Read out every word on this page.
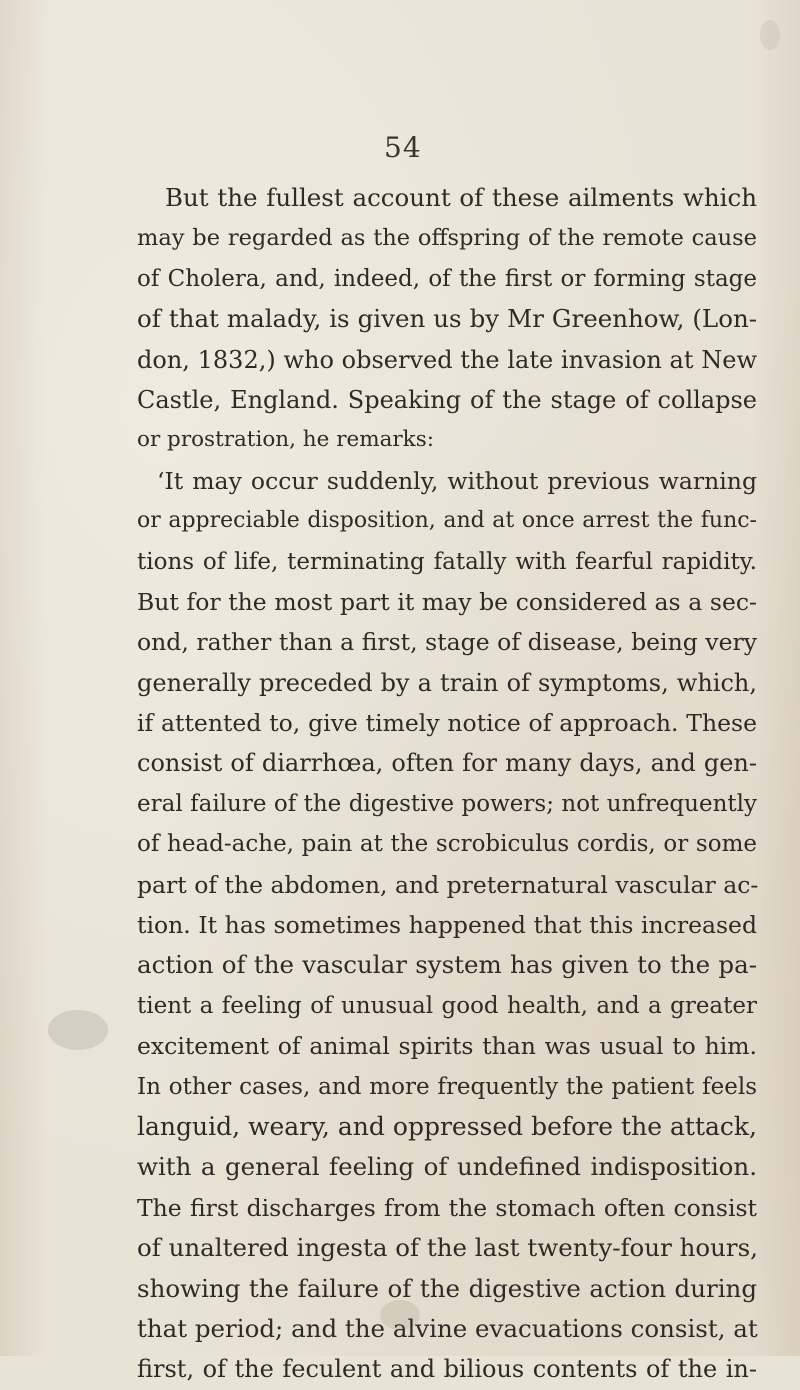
54
But the fullest account of these ailments which
may be regarded as the offspring of the remote cause
of Cholera, and, indeed, of the first or forming stage
of that malady, is given us by Mr Greenhow, (Lon-
don, 1832,) who observed the late invasion at New
Castle, England. Speaking of the stage of collapse
or prostration, he remarks:
‘It may occur suddenly, without previous warning
or appreciable disposition, and at once arrest the func-
tions of life, terminating fatally with fearful rapidity.
But for the most part it may be considered as a sec-
ond, rather than a first, stage of disease, being very
generally preceded by a train of symptoms, which,
if attented to, give timely notice of approach. These
consist of diarrhœa, often for many days, and gen-
eral failure of the digestive powers; not unfrequently
of head-ache, pain at the scrobiculus cordis, or some
part of the abdomen, and preternatural vascular ac-
tion. It has sometimes happened that this increased
action of the vascular system has given to the pa-
tient a feeling of unusual good health, and a greater
excitement of animal spirits than was usual to him.
In other cases, and more frequently the patient feels
languid, weary, and oppressed before the attack,
with a general feeling of undefined indisposition.
The first discharges from the stomach often consist
of unaltered ingesta of the last twenty-four hours,
showing the failure of the digestive action during
that period; and the alvine evacuations consist, at
first, of the feculent and bilious contents of the in-
